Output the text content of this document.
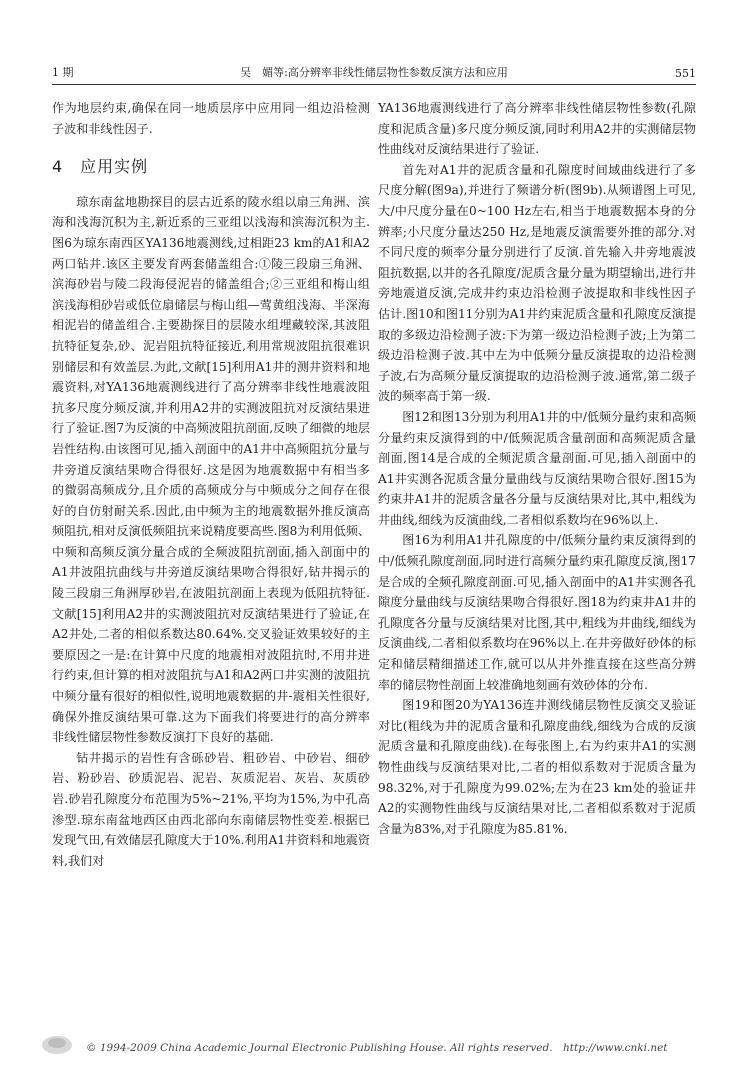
1 期	吴　媚等:高分辨率非线性储层物性参数反演方法和应用	551

作为地层约束,确保在同一地质层序中应用同一组边沿检测子波和非线性因子.

4　应用实例

琼东南盆地勘探目的层古近系的陵水组以扇三角洲、滨海和浅海沉积为主,新近系的三亚组以浅海和滨海沉积为主.图6为琼东南西区YA136地震测线,过相距23 km的A1和A2两口钻井.该区主要发育两套储盖组合:①陵三段扇三角洲、滨海砂岩与陵二段海侵泥岩的储盖组合;②三亚组和梅山组滨浅海相砂岩或低位扇储层与梅山组—莺黄组浅海、半深海相泥岩的储盖组合.主要勘探目的层陵水组埋藏较深,其波阻抗特征复杂,砂、泥岩阻抗特征接近,利用常规波阻抗很难识别储层和有效盖层.为此,文献[15]利用A1井的测井资料和地震资料,对YA136地震测线进行了高分辨率非线性地震波阻抗多尺度分频反演,并利用A2井的实测波阻抗对反演结果进行了验证.图7为反演的中高频波阻抗剖面,反映了细微的地层岩性结构.由该图可见,插入剖面中的A1井中高频阻抗分量与井旁道反演结果吻合得很好.这是因为地震数据中有相当多的微弱高频成分,且介质的高频成分与中频成分之间存在很好的自仿射耐关系.因此,由中频为主的地震数据外推反演高频阻抗,相对反演低频阻抗来说精度要高些.图8为利用低频、中频和高频反演分量合成的全频波阻抗剖面,插入剖面中的A1井波阻抗曲线与井旁道反演结果吻合得很好,钻井揭示的陵三段扇三角洲厚砂岩,在波阻抗剖面上表现为低阻抗特征.文献[15]利用A2井的实测波阻抗对反演结果进行了验证,在A2井处,二者的相似系数达80.64%.交叉验证效果较好的主要原因之一是:在计算中尺度的地震相对波阻抗时,不用井进行约束,但计算的相对波阻抗与A1和A2两口井实测的波阻抗中频分量有很好的相似性,说明地震数据的井-震相关性很好,确保外推反演结果可靠.这为下面我们将要进行的高分辨率非线性储层物性参数反演打下良好的基础.

钻井揭示的岩性有含砾砂岩、粗砂岩、中砂岩、细砂岩、粉砂岩、砂质泥岩、泥岩、灰质泥岩、灰岩、灰质砂岩.砂岩孔隙度分布范围为5%~21%,平均为15%,为中孔高渗型.琼东南盆地西区由西北部向东南储层物性变差.根据已发现气田,有效储层孔隙度大于10%.利用A1井资料和地震资料,我们对

YA136地震测线进行了高分辨率非线性储层物性参数(孔隙度和泥质含量)多尺度分频反演,同时利用A2井的实测储层物性曲线对反演结果进行了验证.

首先对A1井的泥质含量和孔隙度时间域曲线进行了多尺度分解(图9a),并进行了频谱分析(图9b).从频谱图上可见,大/中尺度分量在0~100 Hz左右,相当于地震数据本身的分辨率;小尺度分量达250 Hz,是地震反演需要外推的部分.对不同尺度的频率分量分别进行了反演.首先输入井旁地震波阻抗数据,以井的各孔隙度/泥质含量分量为期望输出,进行井旁地震道反演,完成井约束边沿检测子波提取和非线性因子估计.图10和图11分别为A1井约束泥质含量和孔隙度反演提取的多级边沿检测子波:下为第一级边沿检测子波;上为第二级边沿检测子波.其中左为中低频分量反演提取的边沿检测子波,右为高频分量反演提取的边沿检测子波.通常,第二级子波的频率高于第一级.

图12和图13分别为利用A1井的中/低频分量约束和高频分量约束反演得到的中/低频泥质含量剖面和高频泥质含量剖面,图14是合成的全频泥质含量剖面.可见,插入剖面中的A1井实测各泥质含量分量曲线与反演结果吻合很好.图15为约束井A1井的泥质含量各分量与反演结果对比,其中,粗线为井曲线,细线为反演曲线,二者相似系数均在96%以上.

图16为利用A1井孔隙度的中/低频分量约束反演得到的中/低频孔隙度剖面,同时进行高频分量约束孔隙度反演,图17是合成的全频孔隙度剖面.可见,插入剖面中的A1井实测各孔隙度分量曲线与反演结果吻合得很好.图18为约束井A1井的孔隙度各分量与反演结果对比图,其中,粗线为井曲线,细线为反演曲线,二者相似系数均在96%以上.在井旁做好砂体的标定和储层精细描述工作,就可以从井外推直接在这些高分辨率的储层物性剖面上较准确地刻画有效砂体的分布.

图19和图20为YA136连井测线储层物性反演交叉验证对比(粗线为井的泥质含量和孔隙度曲线,细线为合成的反演泥质含量和孔隙度曲线).在每张图上,右为约束井A1的实测物性曲线与反演结果对比,二者的相似系数对于泥质含量为98.32%,对于孔隙度为99.02%;左为在23 km处的验证井A2的实测物性曲线与反演结果对比,二者相似系数对于泥质含量为83%,对于孔隙度为85.81%.

© 1994-2009 China Academic Journal Electronic Publishing House. All rights reserved.　http://www.cnki.net
